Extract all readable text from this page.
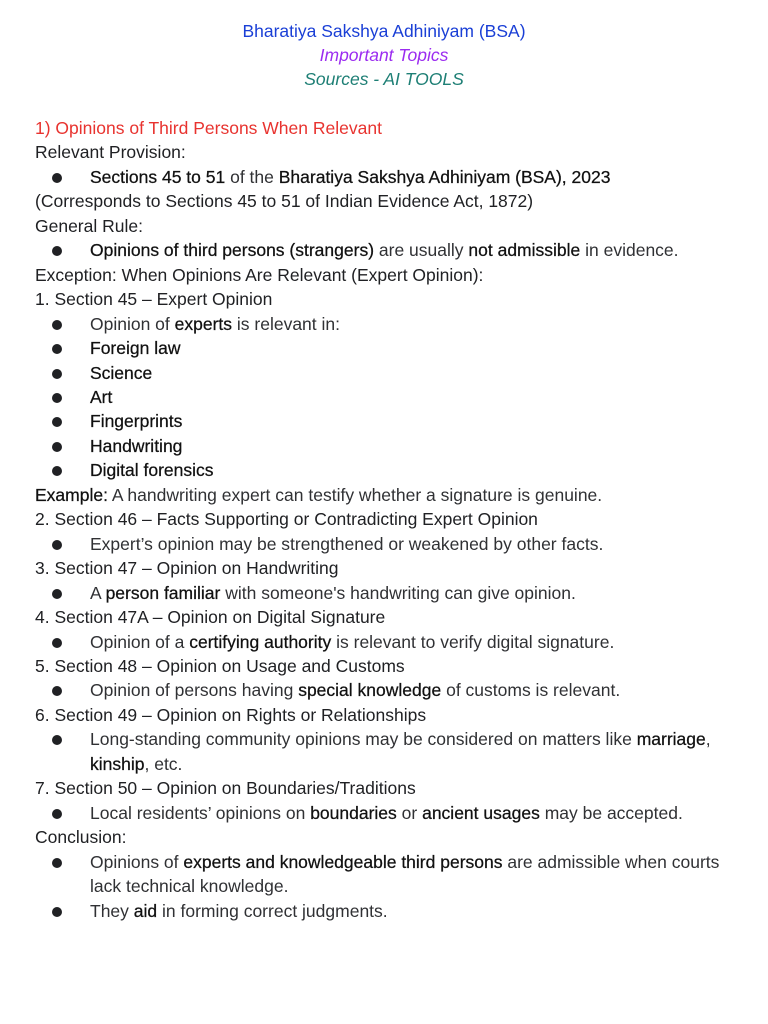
Bharatiya Sakshya Adhiniyam (BSA)
Important Topics
Sources - AI TOOLS

1) Opinions of Third Persons When Relevant

Relevant Provision:

Sections 45 to 51 of the Bharatiya Sakshya Adhiniyam (BSA), 2023

(Corresponds to Sections 45 to 51 of Indian Evidence Act, 1872)

General Rule:

Opinions of third persons (strangers) are usually not admissible in evidence.

Exception: When Opinions Are Relevant (Expert Opinion):

1. Section 45 – Expert Opinion

Opinion of experts is relevant in:

Foreign law

Science

Art

Fingerprints

Handwriting

Digital forensics

Example: A handwriting expert can testify whether a signature is genuine.

2. Section 46 – Facts Supporting or Contradicting Expert Opinion

Expert’s opinion may be strengthened or weakened by other facts.

3. Section 47 – Opinion on Handwriting

A person familiar with someone's handwriting can give opinion.

4. Section 47A – Opinion on Digital Signature

Opinion of a certifying authority is relevant to verify digital signature.

5. Section 48 – Opinion on Usage and Customs

Opinion of persons having special knowledge of customs is relevant.

6. Section 49 – Opinion on Rights or Relationships

Long-standing community opinions may be considered on matters like marriage, kinship, etc.

7. Section 50 – Opinion on Boundaries/Traditions

Local residents’ opinions on boundaries or ancient usages may be accepted.

Conclusion:

Opinions of experts and knowledgeable third persons are admissible when courts lack technical knowledge.

They aid in forming correct judgments.
